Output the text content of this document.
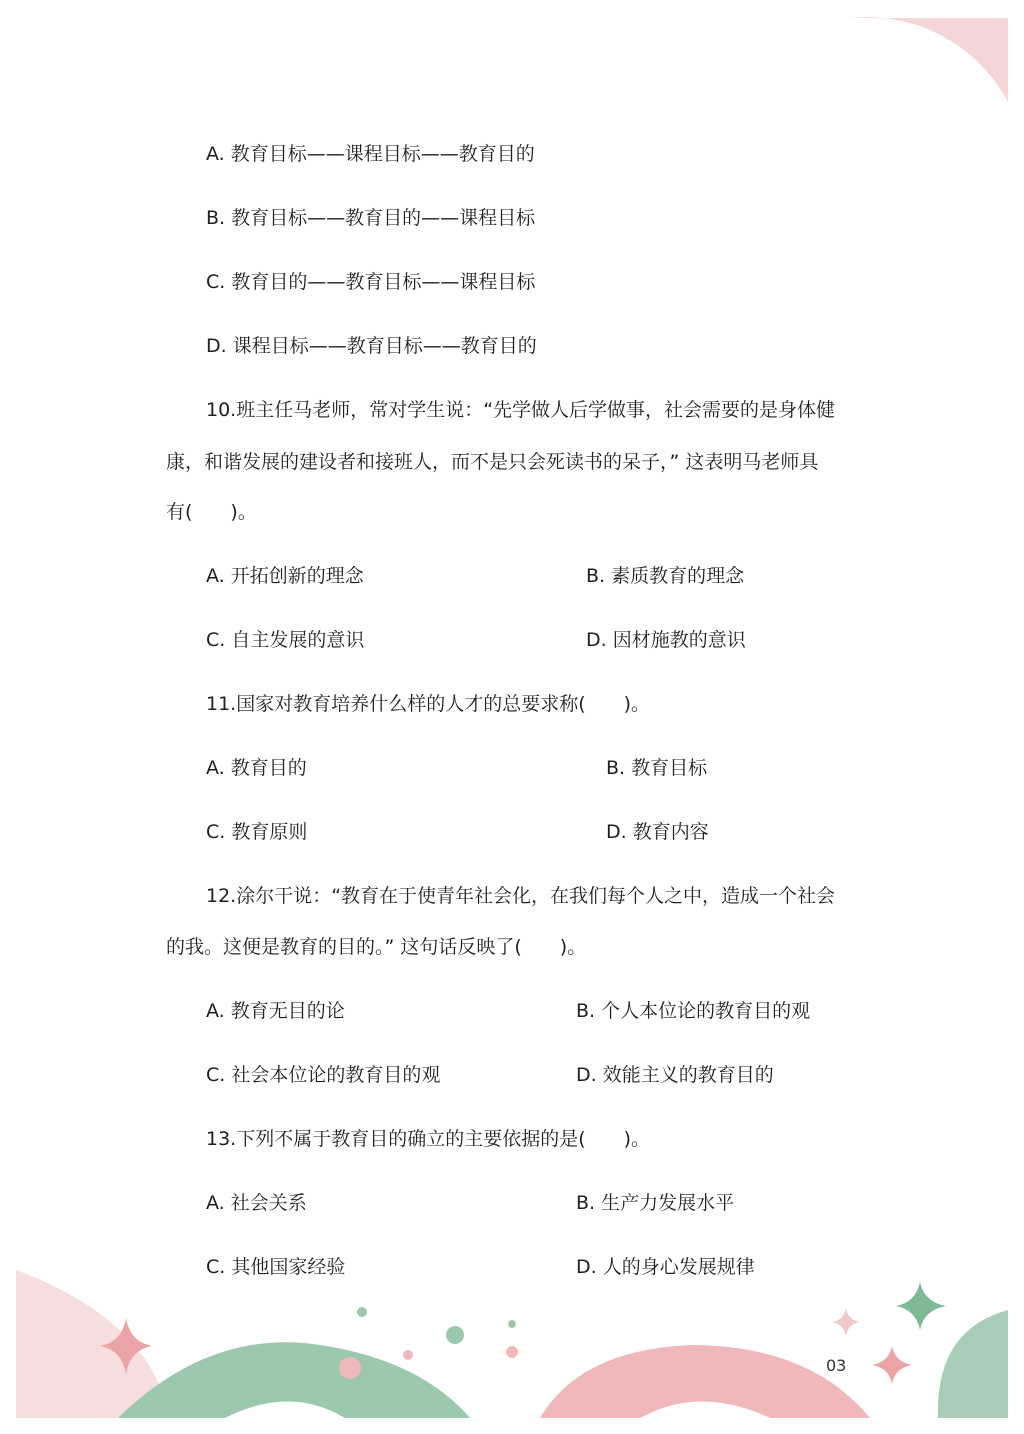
A. 教育目标——课程目标——教育目的
B. 教育目标——教育目的——课程目标
C. 教育目的——教育目标——课程目标
D. 课程目标——教育目标——教育目的
10.班主任马老师，常对学生说：“先学做人后学做事，社会需要的是身体健
康，和谐发展的建设者和接班人，而不是只会死读书的呆子，” 这表明马老师具
有(　　)。
A. 开拓创新的理念	B. 素质教育的理念
C. 自主发展的意识	D. 因材施教的意识
11.国家对教育培养什么样的人才的总要求称(　　)。
A. 教育目的	B. 教育目标
C. 教育原则	D. 教育内容
12.涂尔干说：“教育在于使青年社会化，在我们每个人之中，造成一个社会
的我。这便是教育的目的。” 这句话反映了(　　)。
A. 教育无目的论	B. 个人本位论的教育目的观
C. 社会本位论的教育目的观	D. 效能主义的教育目的
13.下列不属于教育目的确立的主要依据的是(　　)。
A. 社会关系	B. 生产力发展水平
C. 其他国家经验	D. 人的身心发展规律
03
